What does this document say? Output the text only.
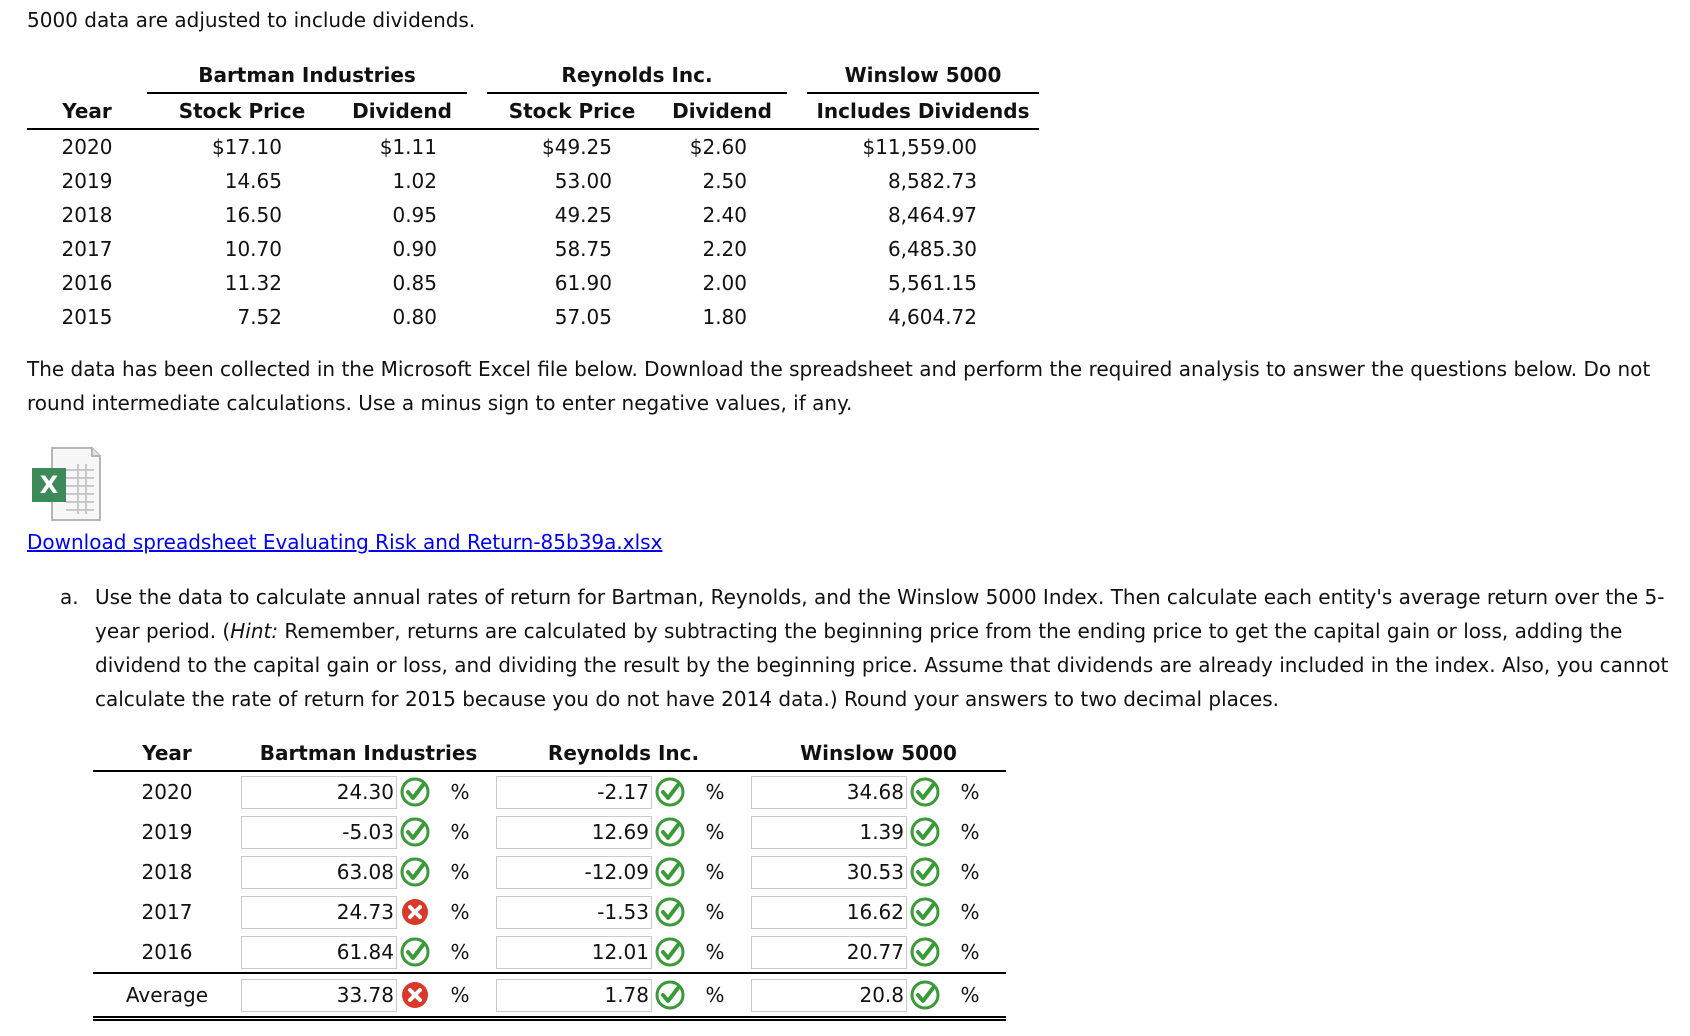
5000 data are adjusted to include dividends.
	Bartman Industries			Reynolds Inc.			Winslow 5000
Year	Stock Price	Dividend		Stock Price	Dividend		Includes Dividends
2020	$17.10	$1.11		$49.25	$2.60		$11,559.00
2019	14.65	1.02		53.00	2.50		8,582.73
2018	16.50	0.95		49.25	2.40		8,464.97
2017	10.70	0.90		58.75	2.20		6,485.30
2016	11.32	0.85		61.90	2.00		5,561.15
2015	7.52	0.80		57.05	1.80		4,604.72
The data has been collected in the Microsoft Excel file below. Download the spreadsheet and perform the required analysis to answer the questions below. Do not round intermediate calculations. Use a minus sign to enter negative values, if any.
X
Download spreadsheet Evaluating Risk and Return-85b39a.xlsx
a. Use the data to calculate annual rates of return for Bartman, Reynolds, and the Winslow 5000 Index. Then calculate each entity's average return over the 5-year period. (Hint: Remember, returns are calculated by subtracting the beginning price from the ending price to get the capital gain or loss, adding the dividend to the capital gain or loss, and dividing the result by the beginning price. Assume that dividends are already included in the index. Also, you cannot calculate the rate of return for 2015 because you do not have 2014 data.) Round your answers to two decimal places.
Year	Bartman Industries	Reynolds Inc.	Winslow 5000
2020	24.30 %	-2.17 %	34.68 %

2019	-5.03 %	12.69 %	1.39 %

2018	63.08 %	-12.09 %	30.53 %

2017	24.73 %	-1.53 %	16.62 %

2016	61.84 %	12.01 %	20.77 %

Average	33.78 %	1.78 %	20.8 %
